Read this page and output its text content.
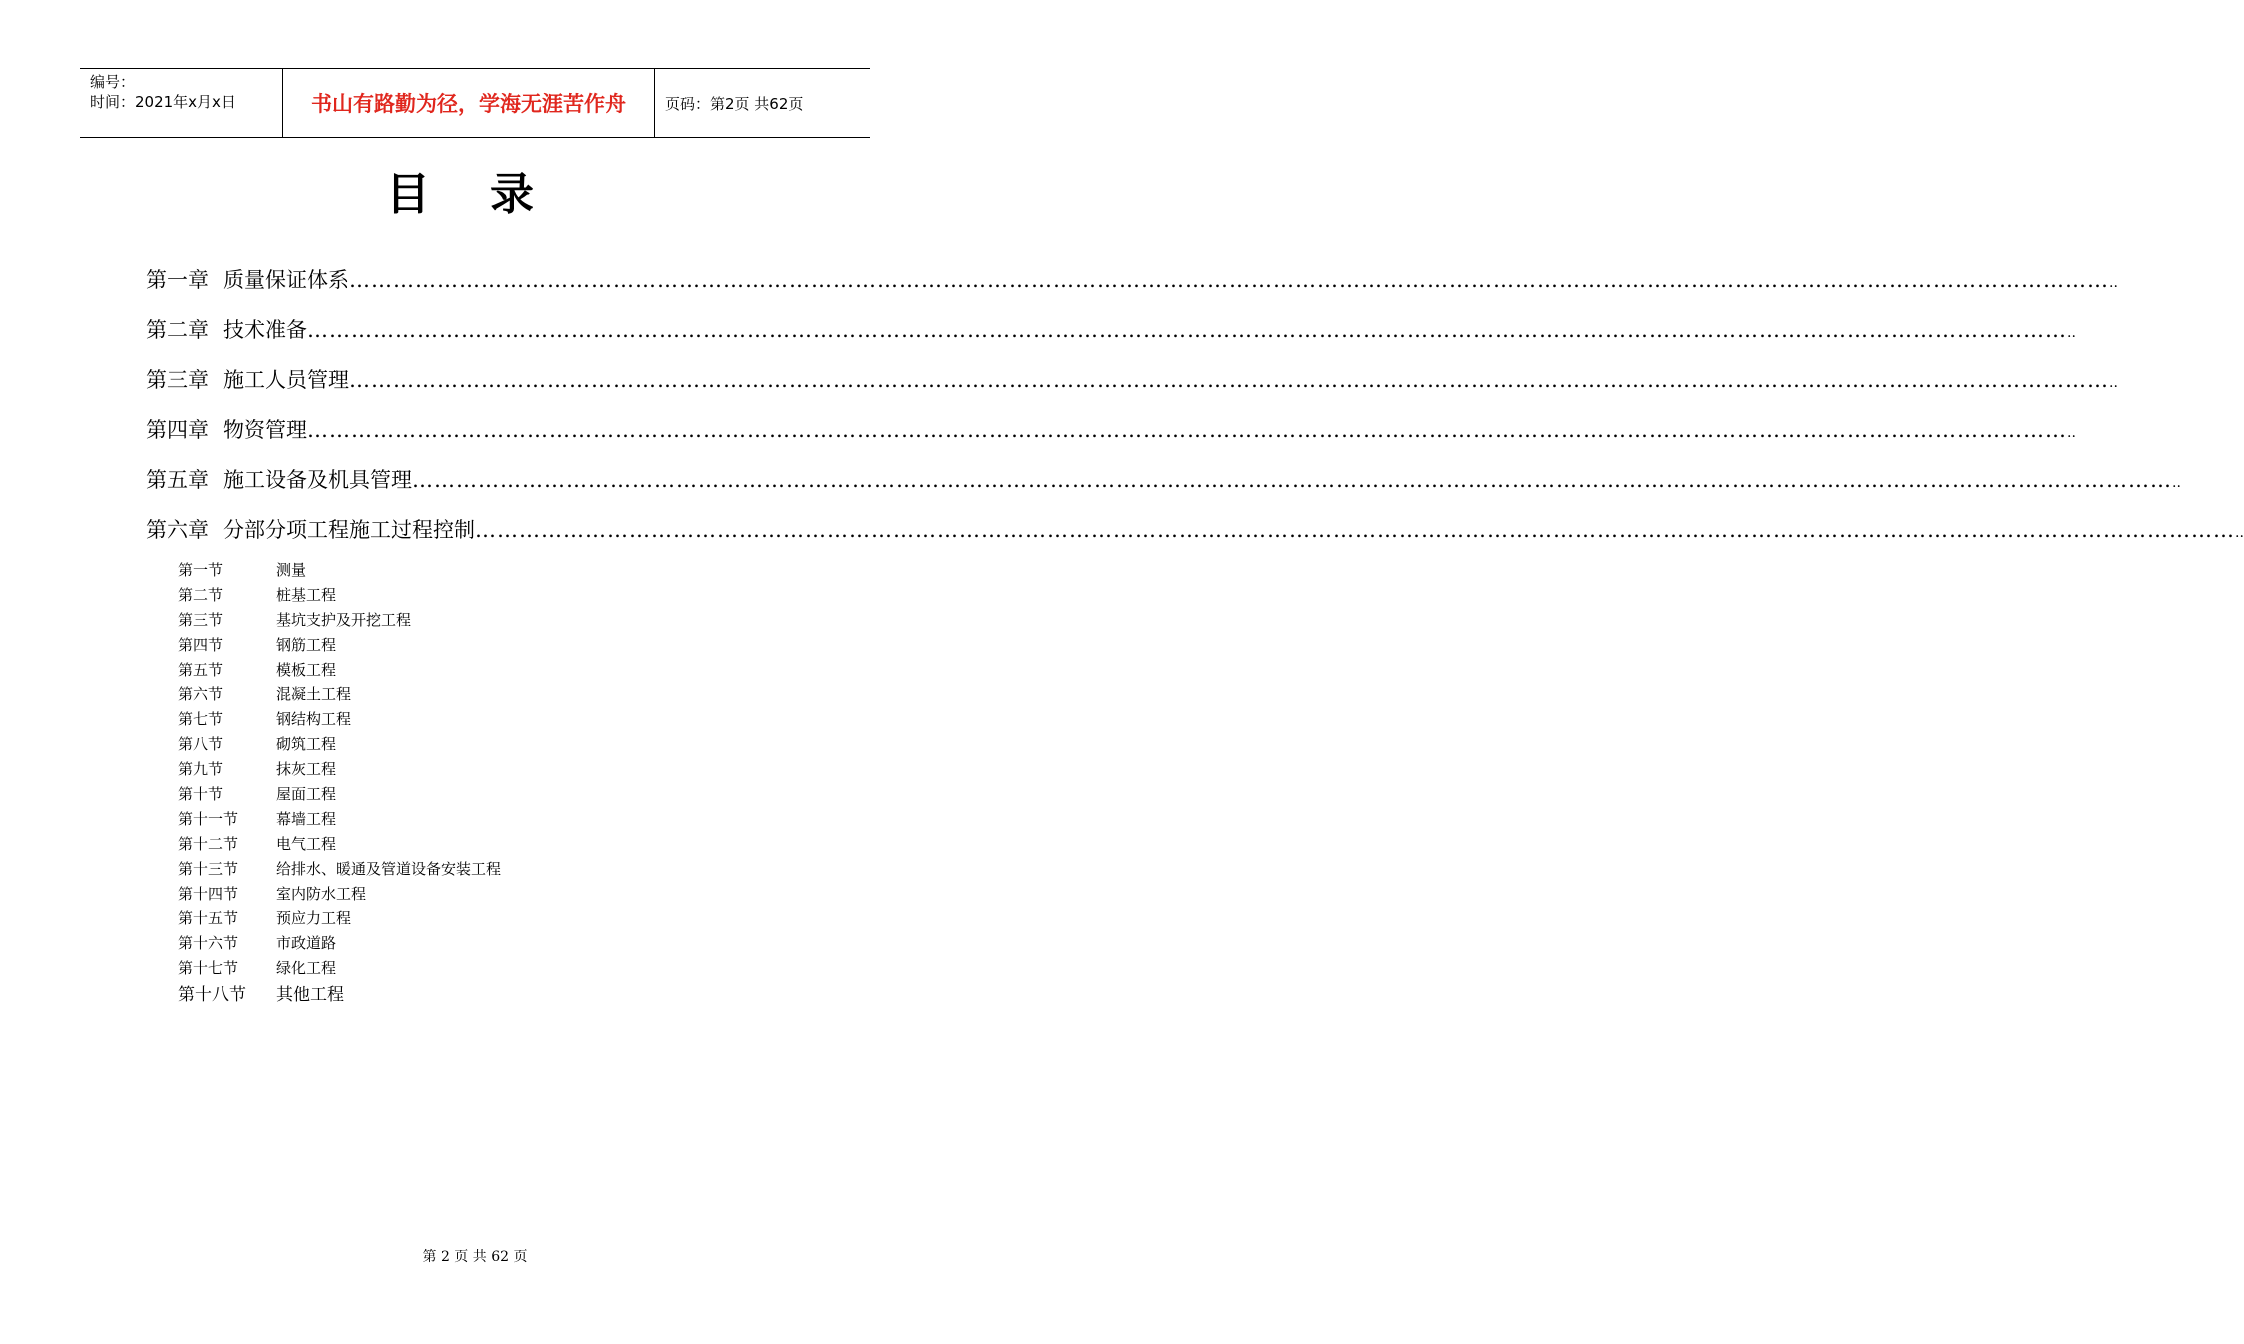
编号：
时间：2021年x月x日	书山有路勤为径，学海无涯苦作舟	页码：第2页 共62页
目录
第一章 质量保证体系 …………………………………………………………………………………………………………………………………………………………………………………………………………………… ..
第二章 技术准备 …………………………………………………………………………………………………………………………………………………………………………………………………………………… ..
第三章 施工人员管理 …………………………………………………………………………………………………………………………………………………………………………………………………………………… ..
第四章 物资管理 …………………………………………………………………………………………………………………………………………………………………………………………………………………… ..
第五章 施工设备及机具管理 …………………………………………………………………………………………………………………………………………………………………………………………………………………… ..
第六章 分部分项工程施工过程控制 …………………………………………………………………………………………………………………………………………………………………………………………………………………… ..
第一节	测量
第二节	桩基工程
第三节	基坑支护及开挖工程
第四节	钢筋工程
第五节	模板工程
第六节	混凝土工程
第七节	钢结构工程
第八节	砌筑工程
第九节	抹灰工程
第十节	屋面工程
第十一节	幕墙工程
第十二节	电气工程
第十三节	给排水、暖通及管道设备安装工程
第十四节	室内防水工程
第十五节	预应力工程
第十六节	市政道路
第十七节	绿化工程
第十八节	其他工程
第 2 页 共 62 页
